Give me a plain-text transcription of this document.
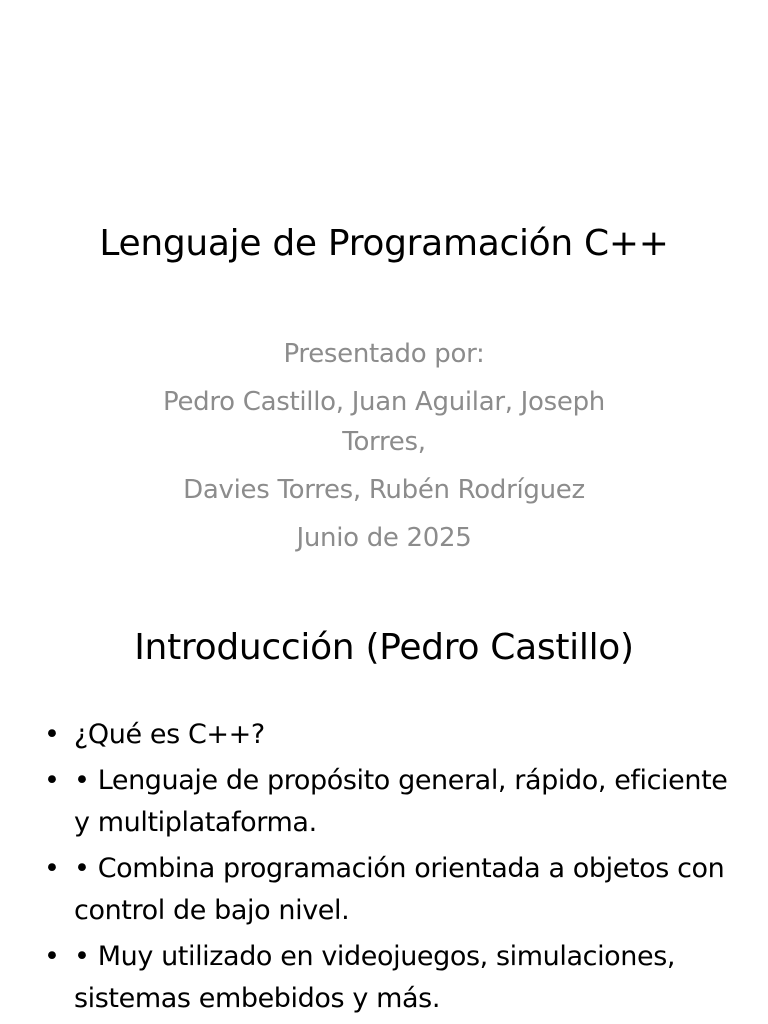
Lenguaje de Programación C++

Presentado por:

Pedro Castillo, Juan Aguilar, Joseph
Torres,

Davies Torres, Rubén Rodríguez

Junio de 2025

Introducción (Pedro Castillo)
• ¿Qué es C++?
• • Lenguaje de propósito general, rápido, eficiente y multiplataforma.
• • Combina programación orientada a objetos con control de bajo nivel.
• • Muy utilizado en videojuegos, simulaciones, sistemas embebidos y más.
